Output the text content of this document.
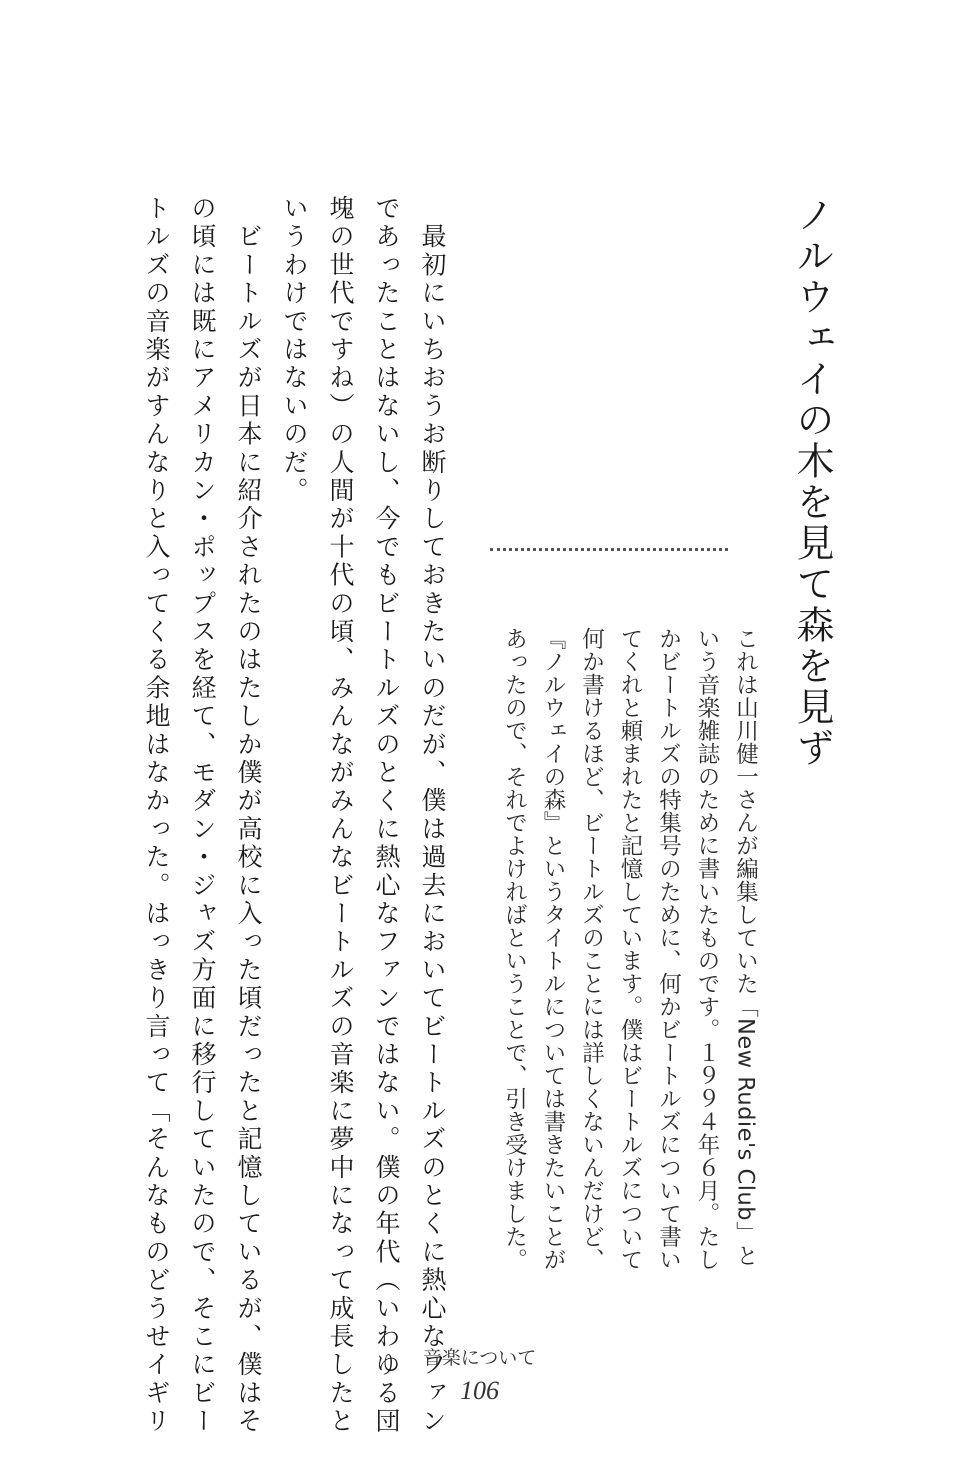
ノルウェイの木を見て森を見ず
これは山川健一さんが編集していた「New Rudie's Club」と
いう音楽雑誌のために書いたものです。１９９４年６月。たし
かビートルズの特集号のために、何かビートルズについて書い
てくれと頼まれたと記憶しています。僕はビートルズについて
何か書けるほど、ビートルズのことには詳しくないんだけど、
『ノルウェイの森』というタイトルについては書きたいことが
あったので、それでよければということで、引き受けました。
　最初にいちおうお断りしておきたいのだが、僕は過去においてビートルズのとくに熱心なファン
であったことはないし、今でもビートルズのとくに熱心なファンではない。僕の年代（いわゆる団
塊の世代ですね）の人間が十代の頃、みんながみんなビートルズの音楽に夢中になって成長したと
いうわけではないのだ。
　ビートルズが日本に紹介されたのはたしか僕が高校に入った頃だったと記憶しているが、僕はそ
の頃には既にアメリカン・ポップスを経て、モダン・ジャズ方面に移行していたので、そこにビー
トルズの音楽がすんなりと入ってくる余地はなかった。はっきり言って「そんなものどうせイギリ	音楽について
106
